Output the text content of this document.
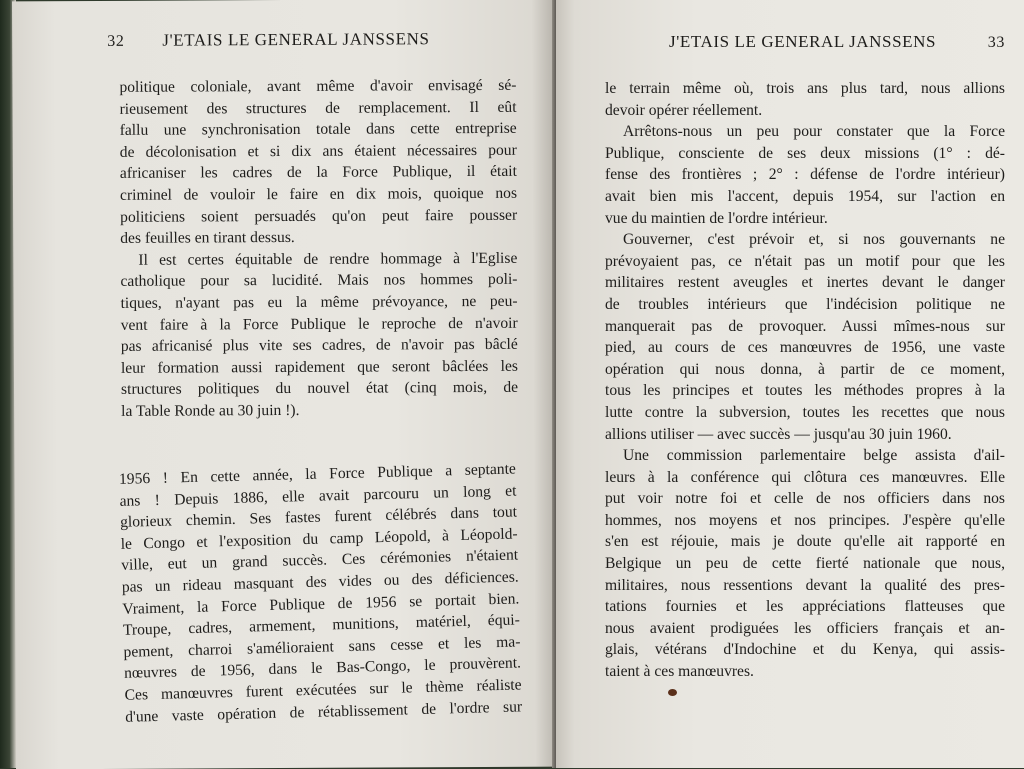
32 J'ETAIS LE GENERAL JANSSENS
politique coloniale, avant même d'avoir envisagé sé-
rieusement des structures de remplacement. Il eût
fallu une synchronisation totale dans cette entreprise
de décolonisation et si dix ans étaient nécessaires pour
africaniser les cadres de la Force Publique, il était
criminel de vouloir le faire en dix mois, quoique nos
politiciens soient persuadés qu'on peut faire pousser
des feuilles en tirant dessus.
Il est certes équitable de rendre hommage à l'Eglise
catholique pour sa lucidité. Mais nos hommes poli-
tiques, n'ayant pas eu la même prévoyance, ne peu-
vent faire à la Force Publique le reproche de n'avoir
pas africanisé plus vite ses cadres, de n'avoir pas bâclé
leur formation aussi rapidement que seront bâclées les
structures politiques du nouvel état (cinq mois, de
la Table Ronde au 30 juin !).
1956 ! En cette année, la Force Publique a septante
ans ! Depuis 1886, elle avait parcouru un long et
glorieux chemin. Ses fastes furent célébrés dans tout
le Congo et l'exposition du camp Léopold, à Léopold-
ville, eut un grand succès. Ces cérémonies n'étaient
pas un rideau masquant des vides ou des déficiences.
Vraiment, la Force Publique de 1956 se portait bien.
Troupe, cadres, armement, munitions, matériel, équi-
pement, charroi s'amélioraient sans cesse et les ma-
nœuvres de 1956, dans le Bas-Congo, le prouvèrent.
Ces manœuvres furent exécutées sur le thème réaliste
d'une vaste opération de rétablissement de l'ordre sur
J'ETAIS LE GENERAL JANSSENS	33
le terrain même où, trois ans plus tard, nous allions
devoir opérer réellement.
Arrêtons-nous un peu pour constater que la Force
Publique, consciente de ses deux missions (1° : dé-
fense des frontières ; 2° : défense de l'ordre intérieur)
avait bien mis l'accent, depuis 1954, sur l'action en
vue du maintien de l'ordre intérieur.
Gouverner, c'est prévoir et, si nos gouvernants ne
prévoyaient pas, ce n'était pas un motif pour que les
militaires restent aveugles et inertes devant le danger
de troubles intérieurs que l'indécision politique ne
manquerait pas de provoquer. Aussi mîmes-nous sur
pied, au cours de ces manœuvres de 1956, une vaste
opération qui nous donna, à partir de ce moment,
tous les principes et toutes les méthodes propres à la
lutte contre la subversion, toutes les recettes que nous
allions utiliser — avec succès — jusqu'au 30 juin 1960.
Une commission parlementaire belge assista d'ail-
leurs à la conférence qui clôtura ces manœuvres. Elle
put voir notre foi et celle de nos officiers dans nos
hommes, nos moyens et nos principes. J'espère qu'elle
s'en est réjouie, mais je doute qu'elle ait rapporté en
Belgique un peu de cette fierté nationale que nous,
militaires, nous ressentions devant la qualité des pres-
tations fournies et les appréciations flatteuses que
nous avaient prodiguées les officiers français et an-
glais, vétérans d'Indochine et du Kenya, qui assis-
taient à ces manœuvres.
